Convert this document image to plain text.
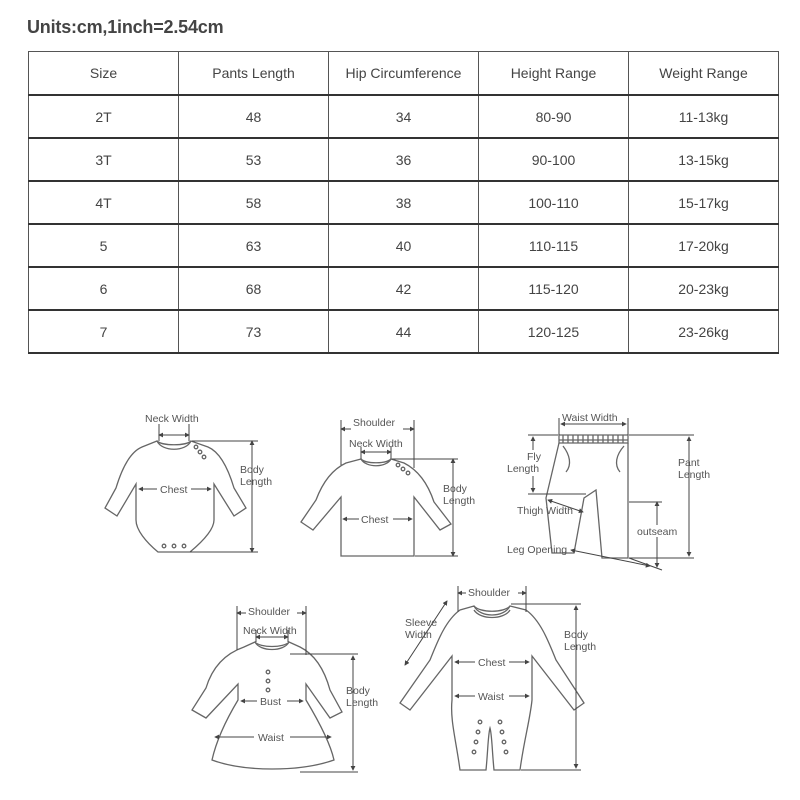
Units:cm,1inch=2.54cm
Size	Pants Length	Hip Circumference	Height Range	Weight Range
2T	48	34	80-90	11-13kg
3T	53	36	90-100	13-15kg
4T	58	38	100-110	15-17kg
5	63	40	110-115	17-20kg
6	68	42	115-120	20-23kg
7	73	44	120-125	23-26kg
Neck Width
Body
Length
Chest
Shoulder
Neck Width
Body
Length
Chest
Waist Width
Fly
Length	Pant
Length
Thigh Width
outseam
Leg Opening
Shoulder
Neck Width
Body
Length
Bust
Waist
Shoulder
Sleeve
Width	Body
Length
Chest
Waist
